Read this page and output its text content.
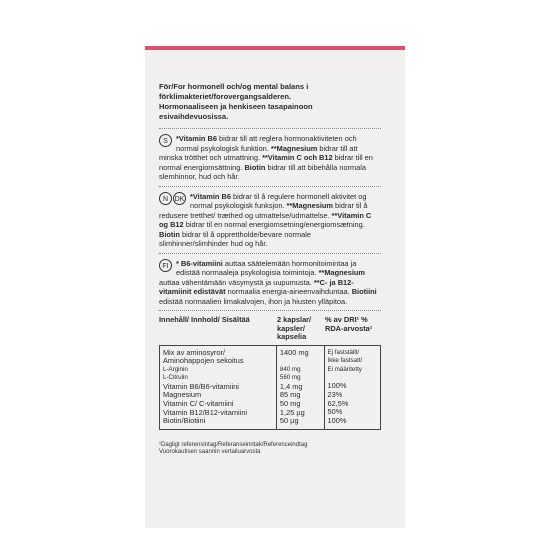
För/For hormonell och/og mental balans i förklimakteriet/forovergangsalderen.
Hormonaaliseen ja henkiseen tasapainoon esivaihdevuosissa.
S	*Vitamin B6 bidrar till att reglera hormonaktiviteten och normal psykologisk funktion. **Magnesium bidrar till att minska trötthet och utmattning. **Vitamin C och B12 bidrar till en normal energiomsättning. Biotin bidrar till att bibehålla normala slemhinnor, hud och hår.
N DK *Vitamin B6 bidrar til å regulere hormonell aktivitet og normal psykologisk funksjon. **Magnesium bidrar til å redusere tretthet/ træthed og utmattelse/udmattelse. **Vitamin C og B12 bidrar til en normal energiomsetning/energiomsætning. Biotin bidrar til å opprettholde/bevare normale slimhinner/slimhinder hud og hår.
FI * B6-vitamiini auttaa säätelemään hormonitoimintaa ja edistää normaaleja psykologisia toimintoja. **Magnesium auttaa vähentämään väsymystä ja uupumusta. **C- ja B12-vitamiinit edistävät normaalia energia-aineenvaihduntaa. Biotiini edistää normaalien limakalvojen, ihon ja hiusten ylläpitoa.
Innehåll/ Innhold/ Sisältää	2 kapslar/ kapsler/ kapselia
% av DRI¹ % RDA-arvosta¹
Mix av aminosyror/
Aminohappojen sekoitus
L-Arginin
L-Citrulin
Vitamin B6/B6-vitamiini
Magnesium
Vitamin C/ C-vitamiini
Vitamin B12/B12-vitamiini
Biotin/Biotiini
1400 mg

840 mg
560 mg
1,4 mg
85 mg
50 mg
1,25 µg
50 µg
Ej fastställt/
Ikke fastsatt/
Ei määritetty

100%
23%
62,5%
50%
100%
¹Dagligt referensintag/Referanseinntak/Referenceindtag
Vuorokautisen saannin vertailuarvosta
